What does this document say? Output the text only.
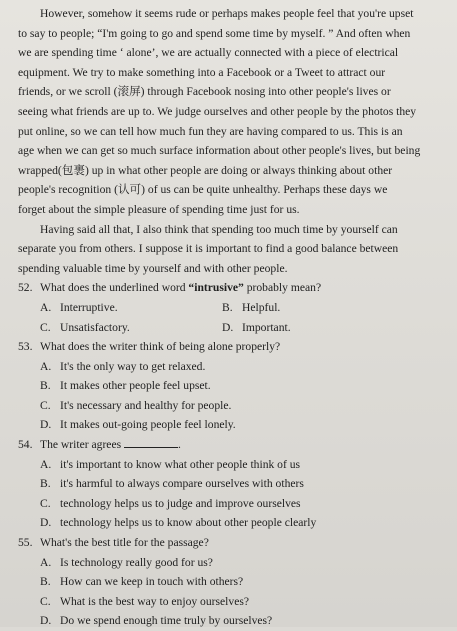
However, somehow it seems rude or perhaps makes people feel that you're upset
to say to people; “I'm going to go and spend some time by myself. ” And often when
we are spending time ‘ alone’, we are actually connected with a piece of electrical
equipment. We try to make something into a Facebook or a Tweet to attract our
friends, or we scroll (滚屏) through Facebook nosing into other people's lives or
seeing what friends are up to. We judge ourselves and other people by the photos they
put online, so we can tell how much fun they are having compared to us. This is an
age when we can get so much surface information about other people's lives, but being
wrapped(包裹) up in what other people are doing or always thinking about other
people's recognition (认可) of us can be quite unhealthy. Perhaps these days we
forget about the simple pleasure of spending time just for us.
Having said all that, I also think that spending too much time by yourself can
separate you from others. I suppose it is important to find a good balance between
spending valuable time by yourself and with other people.
52. What does the underlined word “intrusive” probably mean?
A. Interruptive.	B. Helpful.
C. Unsatisfactory.	D. Important.
53. What does the writer think of being alone properly?
A. It's the only way to get relaxed.
B. It makes other people feel upset.
C. It's necessary and healthy for people.
D. It makes out-going people feel lonely.
54. The writer agrees	.
A. it's important to know what other people think of us
B. it's harmful to always compare ourselves with others
C. technology helps us to judge and improve ourselves
D. technology helps us to know about other people clearly
55. What's the best title for the passage?
A. Is technology really good for us?
B. How can we keep in touch with others?
C. What is the best way to enjoy ourselves?
D. Do we spend enough time truly by ourselves?
